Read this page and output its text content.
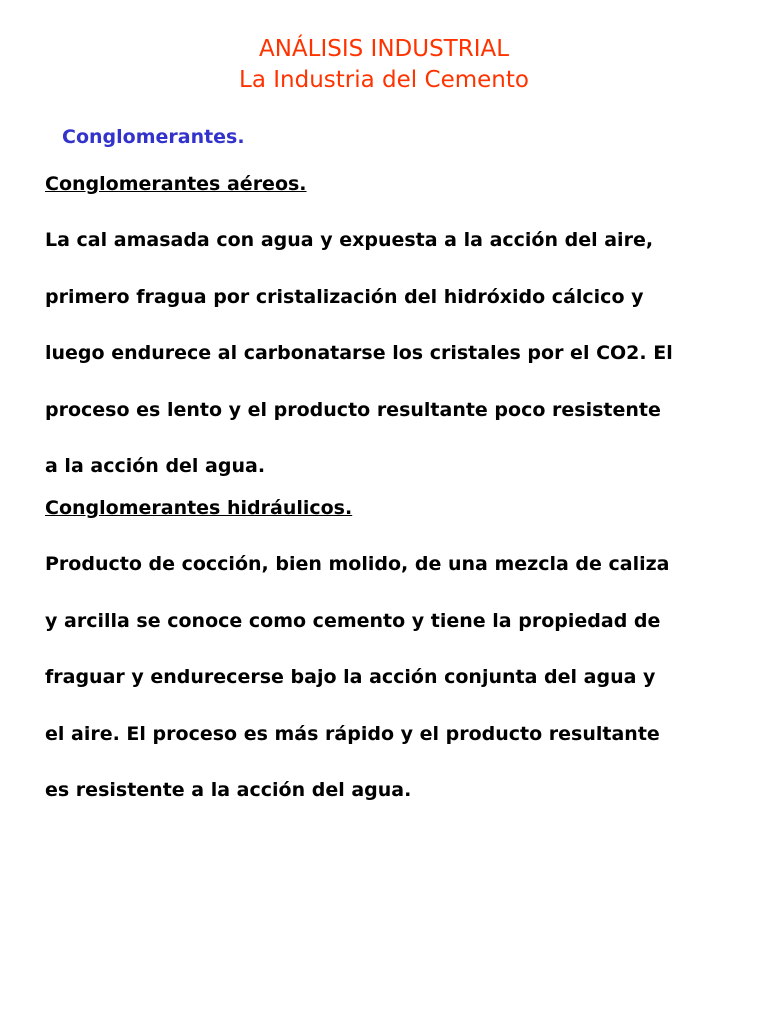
ANÁLISIS INDUSTRIAL
La Industria del Cemento
Conglomerantes.
Conglomerantes aéreos.
La cal amasada con agua y expuesta a la acción del aire,
primero fragua por cristalización del hidróxido cálcico y
luego endurece al carbonatarse los cristales por el CO2. El
proceso es lento y el producto resultante poco resistente
a la acción del agua.
Conglomerantes hidráulicos.
Producto de cocción, bien molido, de una mezcla de caliza
y arcilla se conoce como cemento y tiene la propiedad de
fraguar y endurecerse bajo la acción conjunta del agua y
el aire. El proceso es más rápido y el producto resultante
es resistente a la acción del agua.
